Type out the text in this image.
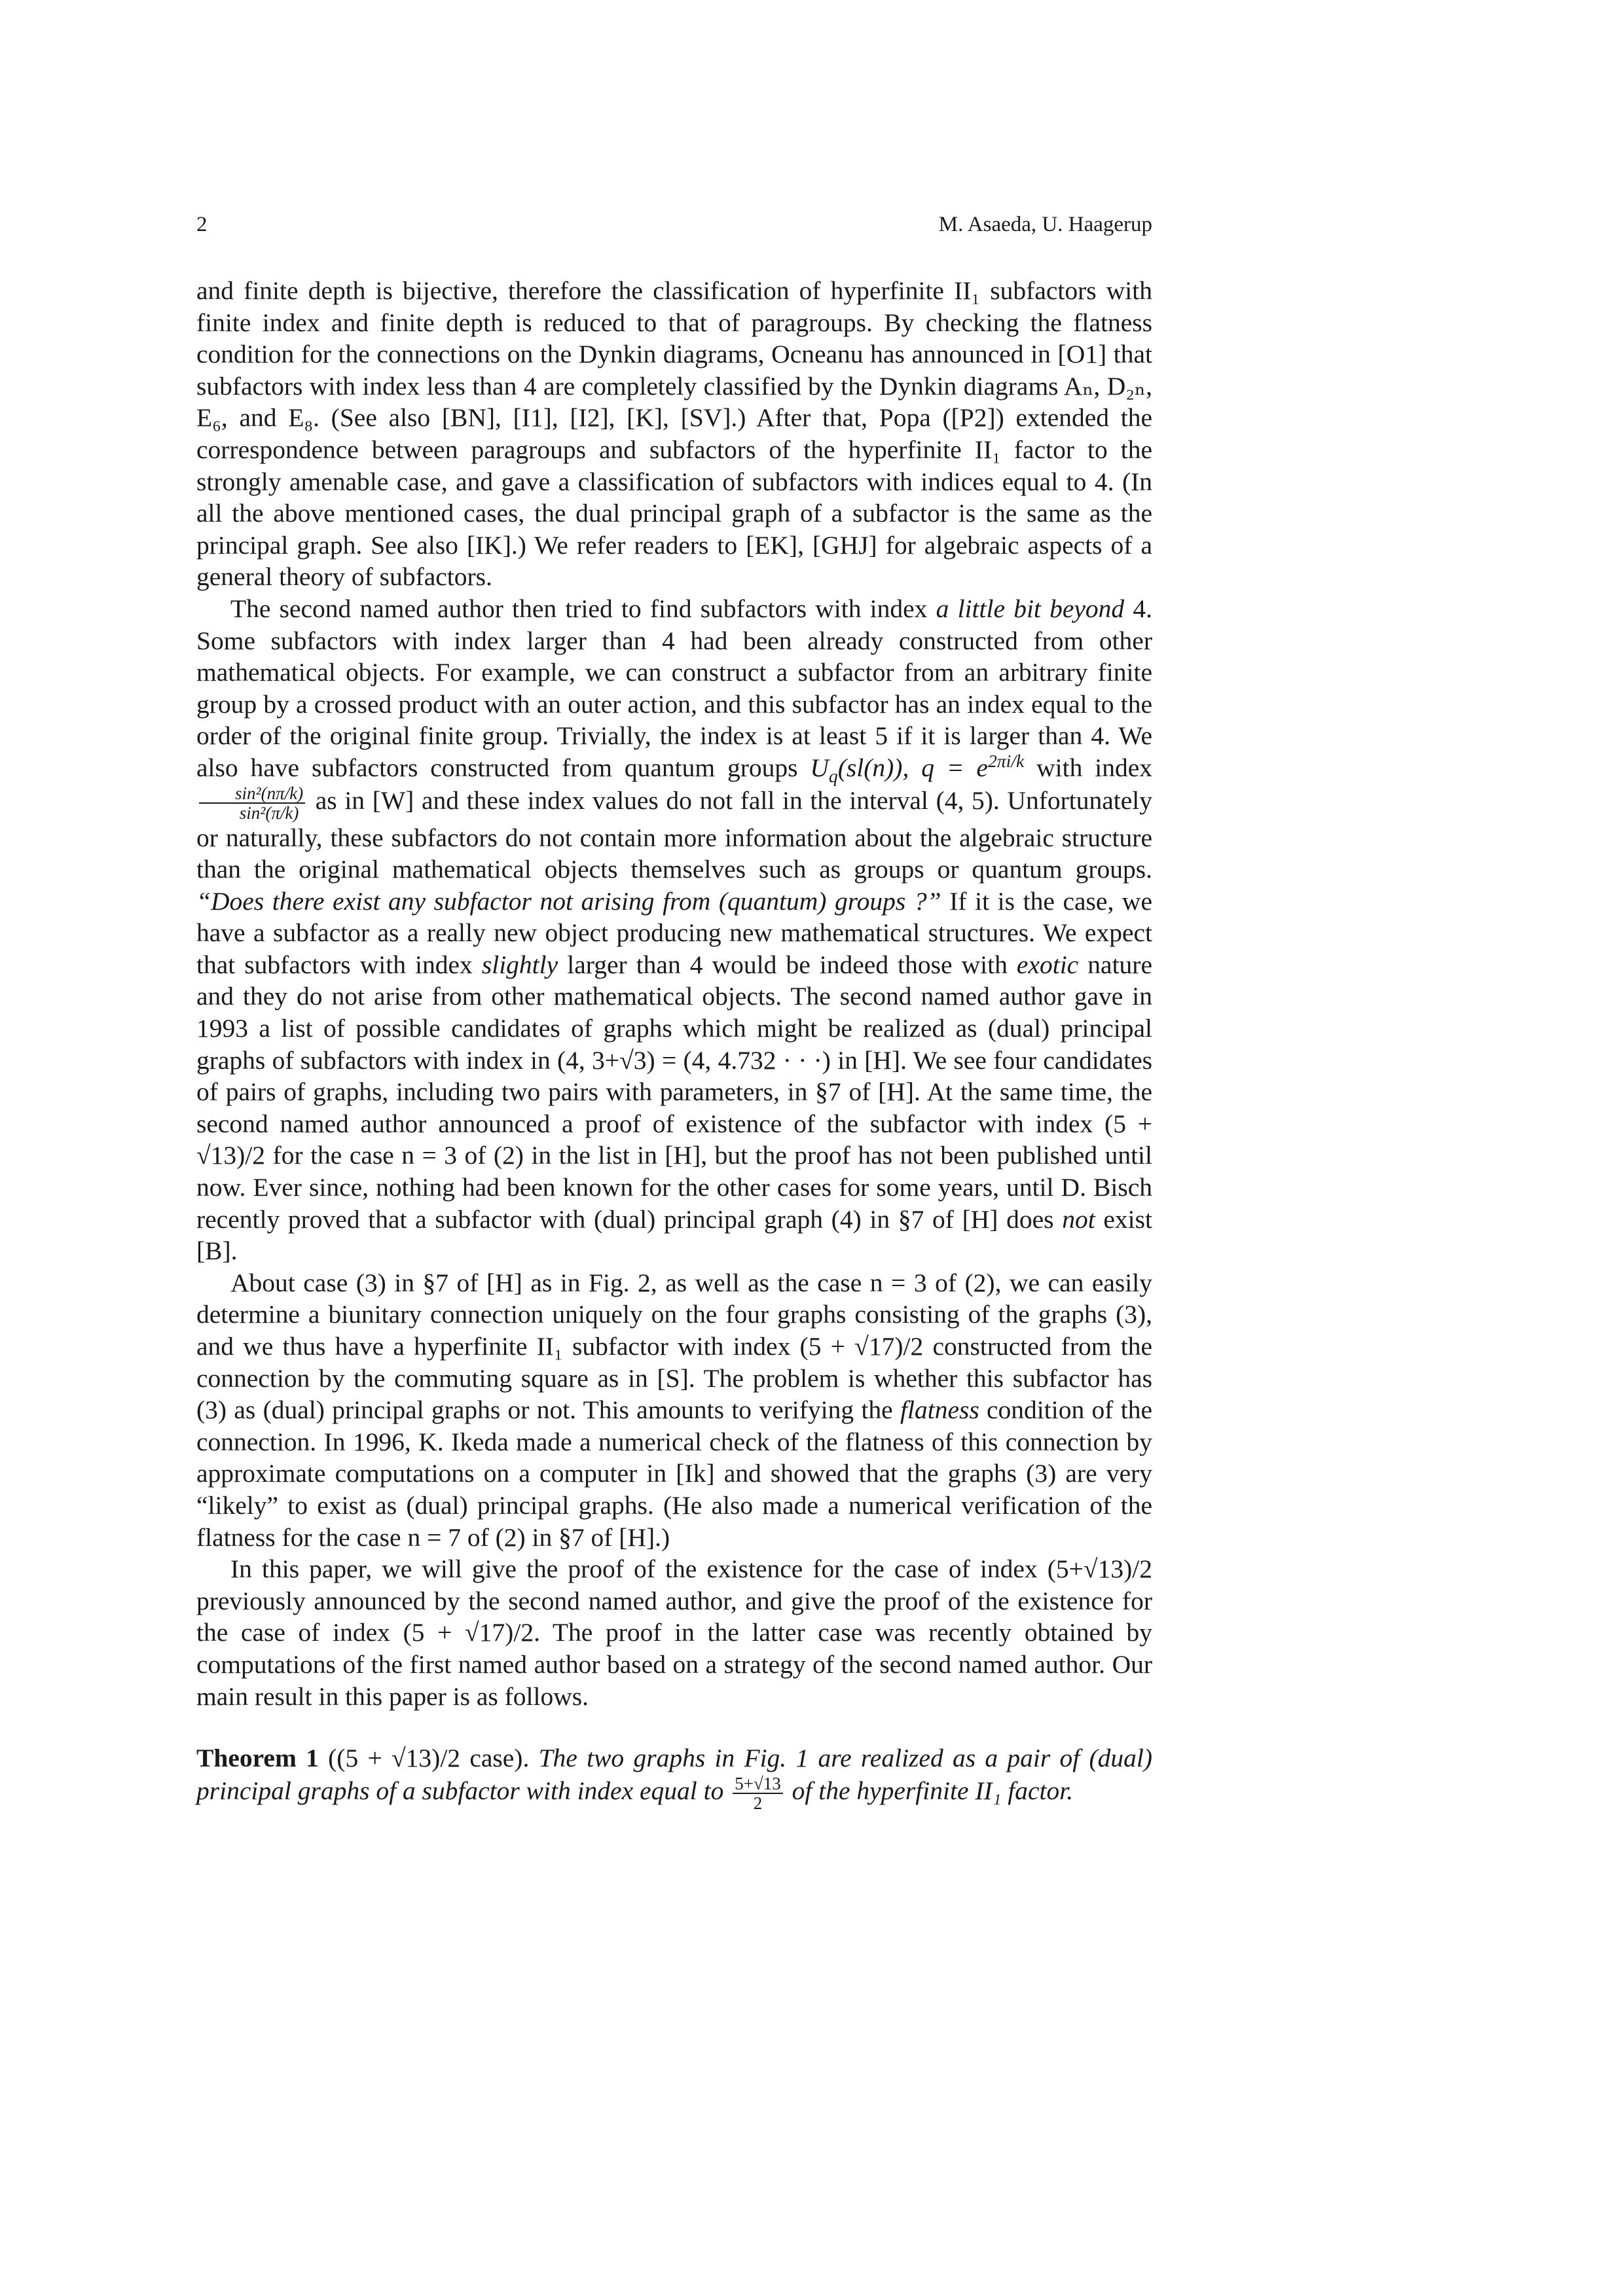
2	M. Asaeda, U. Haagerup

and finite depth is bijective, therefore the classification of hyperfinite II₁ subfactors with finite index and finite depth is reduced to that of paragroups. By checking the flatness condition for the connections on the Dynkin diagrams, Ocneanu has announced in [O1] that subfactors with index less than 4 are completely classified by the Dynkin diagrams Aₙ, D₂ₙ, E₆, and E₈. (See also [BN], [I1], [I2], [K], [SV].) After that, Popa ([P2]) extended the correspondence between paragroups and subfactors of the hyperfinite II₁ factor to the strongly amenable case, and gave a classification of subfactors with indices equal to 4. (In all the above mentioned cases, the dual principal graph of a subfactor is the same as the principal graph. See also [IK].) We refer readers to [EK], [GHJ] for algebraic aspects of a general theory of subfactors.

The second named author then tried to find subfactors with index a little bit beyond 4. Some subfactors with index larger than 4 had been already constructed from other mathematical objects. For example, we can construct a subfactor from an arbitrary finite group by a crossed product with an outer action, and this subfactor has an index equal to the order of the original finite group. Trivially, the index is at least 5 if it is larger than 4. We also have subfactors constructed from quantum groups $U_q(sl(n))$, $q = e^{2\pi i/k}$ with index
$\frac{\text{sin²(nπ/k)}}{\text{sin²(π/k)}}$ as in [W] and these index values do not fall in the interval (4, 5). Unfortunately or naturally, these subfactors do not contain more information about the algebraic structure than the original mathematical objects themselves such as groups or quantum groups. “Does there exist any subfactor not arising from (quantum) groups ?” If it is the case, we have a subfactor as a really new object producing new mathematical structures. We expect that subfactors with index slightly larger than 4 would be indeed those with exotic nature and they do not arise from other mathematical objects. The second named author gave in 1993 a list of possible candidates of graphs which might be realized as (dual) principal graphs of subfactors with index in (4, 3+√3) = (4, 4.732 · · ·) in [H]. We see four candidates of pairs of graphs, including two pairs with parameters, in §7 of [H]. At the same time, the second named author announced a proof of existence of the subfactor with index (5 + √13)/2 for the case n = 3 of (2) in the list in [H], but the proof has not been published until now. Ever since, nothing had been known for the other cases for some years, until D. Bisch recently proved that a subfactor with (dual) principal graph (4) in §7 of [H] does not exist [B].

About case (3) in §7 of [H] as in Fig. 2, as well as the case n = 3 of (2), we can easily determine a biunitary connection uniquely on the four graphs consisting of the graphs (3), and we thus have a hyperfinite II₁ subfactor with index (5 + √17)/2 constructed from the connection by the commuting square as in [S]. The problem is whether this subfactor has (3) as (dual) principal graphs or not. This amounts to verifying the flatness condition of the connection. In 1996, K. Ikeda made a numerical check of the flatness of this connection by approximate computations on a computer in [Ik] and showed that the graphs (3) are very “likely” to exist as (dual) principal graphs. (He also made a numerical verification of the flatness for the case n = 7 of (2) in §7 of [H].)

In this paper, we will give the proof of the existence for the case of index (5+√13)/2 previously announced by the second named author, and give the proof of the existence for the case of index (5 + √17)/2. The proof in the latter case was recently obtained by computations of the first named author based on a strategy of the second named author. Our main result in this paper is as follows.

Theorem 1 ((5 + √13)/2 case). The two graphs in Fig. 1 are realized as a pair of (dual) principal graphs of a subfactor with index equal to $\frac{5+√13}{2}$ of the hyperfinite II₁ factor.
